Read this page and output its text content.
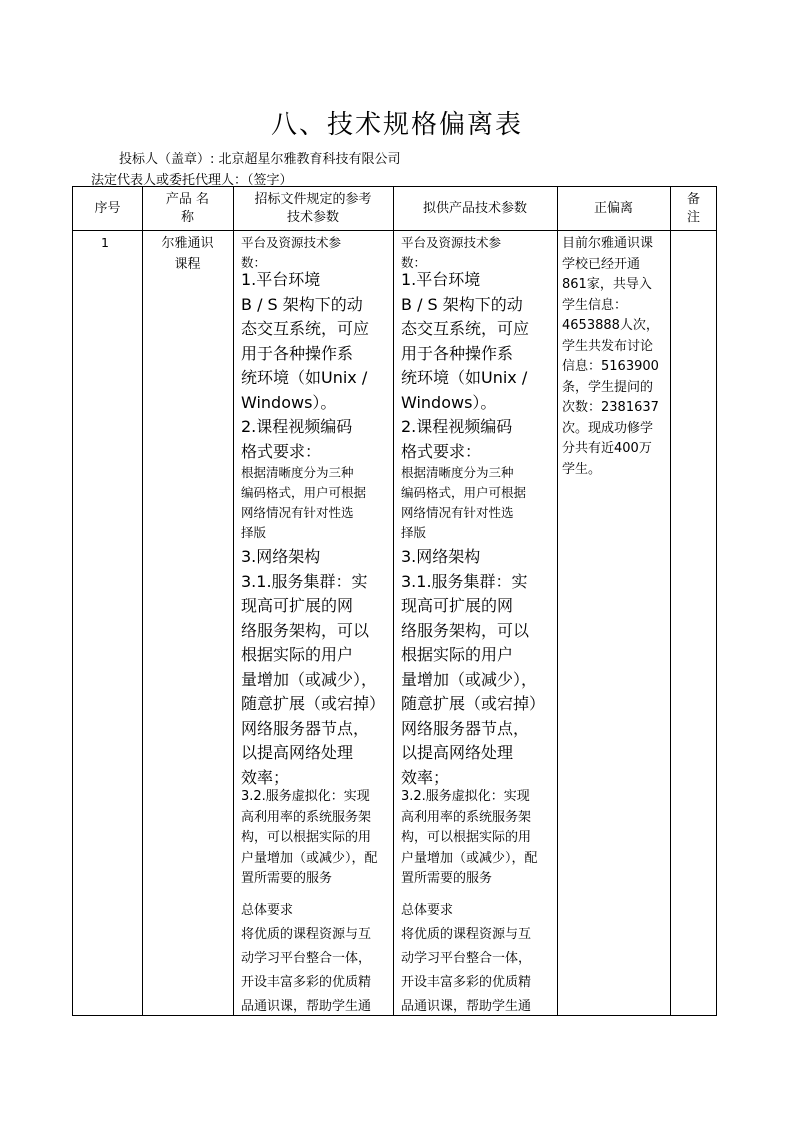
八、技术规格偏离表
投标人（盖章）: 北京超星尔雅教育科技有限公司
法定代表人或委托代理人：（签字）
序号
产品 名
称
招标文件规定的参考
技术参数
拟供产品技术参数	正偏离
备
注
1	尔雅通识
课程
平台及资源技术参
数：
1.平台环境
B / S 架构下的动
态交互系统，可应
用于各种操作系
统环境（如Unix /
Windows）。
2.课程视频编码
格式要求：
根据清晰度分为三种
编码格式，用户可根据
网络情况有针对性选
择版
3.网络架构
3.1.服务集群：实
现高可扩展的网
络服务架构，可以
根据实际的用户
量增加（或减少），
随意扩展（或宕掉）
网络服务器节点，
以提高网络处理
效率；
3.2.服务虚拟化：实现
高利用率的系统服务架
构，可以根据实际的用
户量增加（或减少），配
置所需要的服务
总体要求
将优质的课程资源与互
动学习平台整合一体，
开设丰富多彩的优质精
品通识课，帮助学生通
平台及资源技术参
数：
1.平台环境
B / S 架构下的动
态交互系统，可应
用于各种操作系
统环境（如Unix /
Windows）。
2.课程视频编码
格式要求：
根据清晰度分为三种
编码格式，用户可根据
网络情况有针对性选
择版
3.网络架构
3.1.服务集群：实
现高可扩展的网
络服务架构，可以
根据实际的用户
量增加（或减少），
随意扩展（或宕掉）
网络服务器节点，
以提高网络处理
效率；
3.2.服务虚拟化：实现
高利用率的系统服务架
构，可以根据实际的用
户量增加（或减少），配
置所需要的服务
总体要求
将优质的课程资源与互
动学习平台整合一体，
开设丰富多彩的优质精
品通识课，帮助学生通
目前尔雅通识课
学校已经开通
861家，共导入
学生信息：
4653888人次，
学生共发布讨论
信息：5163900
条，学生提问的
次数：2381637
次。现成功修学
分共有近400万
学生。
